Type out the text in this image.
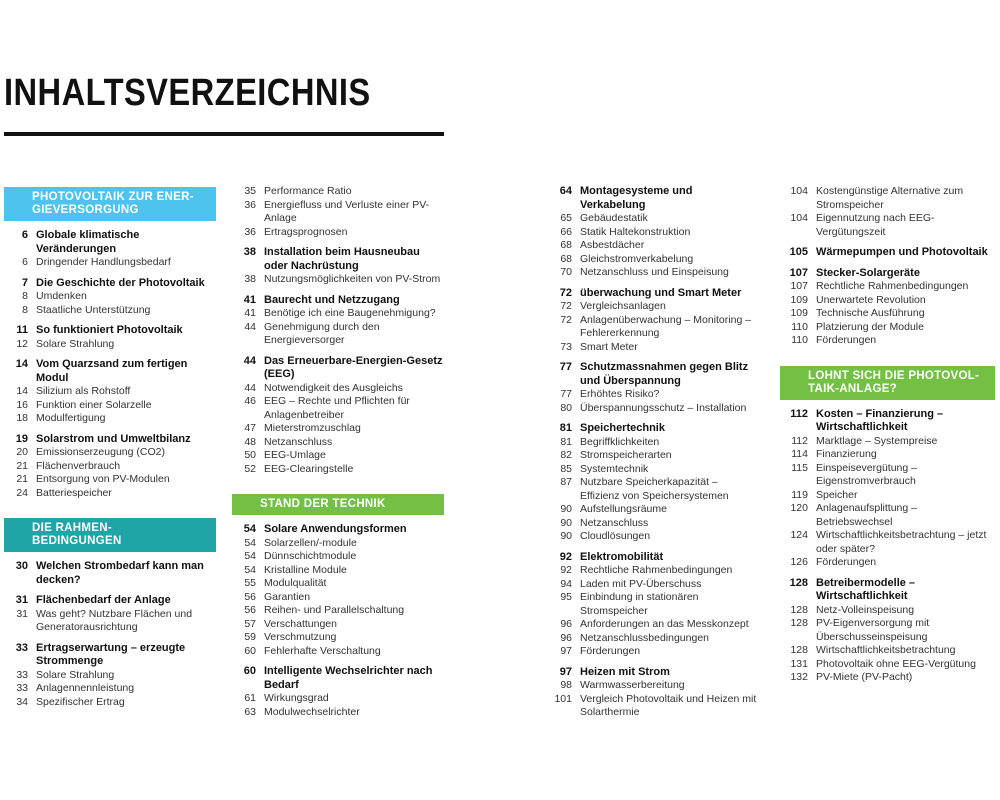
INHALTSVERZEICHNIS
PHOTOVOLTAIK ZUR ENER-
GIEVERSORGUNG
6 Globale klimatische Veränderungen
6 Dringender Handlungsbedarf
7 Die Geschichte der Photovoltaik
8 Umdenken
8 Staatliche Unterstützung
11 So funktioniert Photovoltaik
12 Solare Strahlung
14 Vom Quarzsand zum fertigen Modul
14 Silizium als Rohstoff
16 Funktion einer Solarzelle
18 Modulfertigung
19 Solarstrom und Umweltbilanz
20 Emissionserzeugung (CO2)
21 Flächenverbrauch
21 Entsorgung von PV-Modulen
24 Batteriespeicher
DIE RAHMEN-
BEDINGUNGEN
30 Welchen Strombedarf kann man decken?
31 Flächenbedarf der Anlage
31 Was geht? Nutzbare Flächen und Generatorausrichtung
33 Ertragserwartung – erzeugte Strommenge
33 Solare Strahlung
33 Anlagennennleistung
34 Spezifischer Ertrag
35 Performance Ratio
36 Energiefluss und Verluste einer PV-Anlage
36 Ertragsprognosen
38 Installation beim Hausneubau oder Nachrüstung
38 Nutzungsmöglichkeiten von PV-Strom
41 Baurecht und Netzzugang
41 Benötige ich eine Baugenehmigung?
44 Genehmigung durch den Energieversorger
44 Das Erneuerbare-Energien-Gesetz (EEG)
44 Notwendigkeit des Ausgleichs
46 EEG – Rechte und Pflichten für Anlagenbetreiber
47 Mieterstromzuschlag
48 Netzanschluss
50 EEG-Umlage
52 EEG-Clearingstelle
STAND DER TECHNIK
54 Solare Anwendungsformen
54 Solarzellen/-module
54 Dünnschichtmodule
54 Kristalline Module
55 Modulqualität
56 Garantien
56 Reihen- und Parallelschaltung
57 Verschattungen
59 Verschmutzung
60 Fehlerhafte Verschaltung
60 Intelligente Wechselrichter nach Bedarf
61 Wirkungsgrad
63 Modulwechselrichter
64 Montagesysteme und Verkabelung
65 Gebäudestatik
66 Statik Haltekonstruktion
68 Asbestdächer
68 Gleichstromverkabelung
70 Netzanschluss und Einspeisung
72 überwachung und Smart Meter
72 Vergleichsanlagen
72 Anlagenüberwachung – Monitoring – Fehlererkennung
73 Smart Meter
77 Schutzmassnahmen gegen Blitz und Überspannung
77 Erhöhtes Risiko?
80 Überspannungsschutz – Installation
81 Speichertechnik
81 Begriffklichkeiten
82 Stromspeicherarten
85 Systemtechnik
87 Nutzbare Speicherkapazität – Effizienz von Speichersystemen
90 Aufstellungsräume
90 Netzanschluss
90 Cloudlösungen
92 Elektromobilität
92 Rechtliche Rahmenbedingungen
94 Laden mit PV-Überschuss
95 Einbindung in stationären Stromspeicher
96 Anforderungen an das Messkonzept
96 Netzanschlussbedingungen
97 Förderungen
97 Heizen mit Strom
98 Warmwasserbereitung
101 Vergleich Photovoltaik und Heizen mit Solarthermie
104 Kostengünstige Alternative zum Stromspeicher
104 Eigennutzung nach EEG-Vergütungszeit
105 Wärmepumpen und Photovoltaik
107 Stecker-Solargeräte
107 Rechtliche Rahmenbedingungen
109 Unerwartete Revolution
109 Technische Ausführung
110 Platzierung der Module
110 Förderungen
LOHNT SICH DIE PHOTOVOL-
TAIK-ANLAGE?
112 Kosten – Finanzierung – Wirtschaftlichkeit
112 Marktlage – Systempreise
114 Finanzierung
115 Einspeisevergütung – Eigenstromverbrauch
119 Speicher
120 Anlagenaufsplittung – Betriebswechsel
124 Wirtschaftlichkeitsbetrachtung – jetzt oder später?
126 Förderungen
128 Betreibermodelle – Wirtschaftlichkeit
128 Netz-Volleinspeisung
128 PV-Eigenversorgung mit Überschusseinspeisung
128 Wirtschaftlichkeitsbetrachtung
131 Photovoltaik ohne EEG-Vergütung
132 PV-Miete (PV-Pacht)
